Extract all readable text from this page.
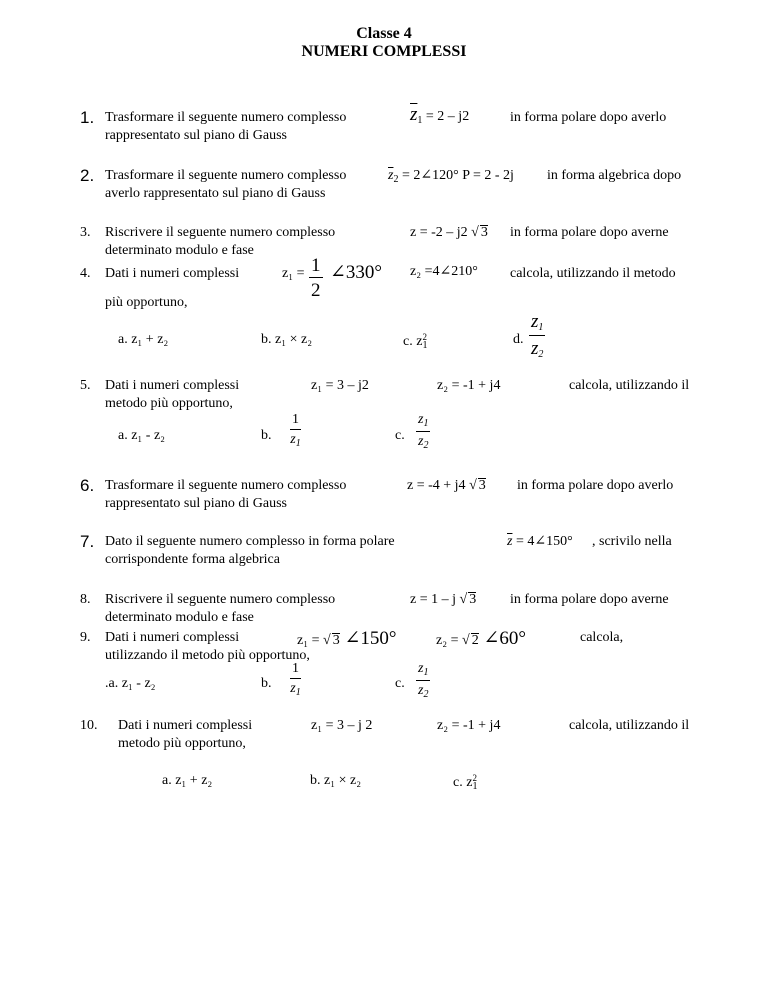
Classe 4
NUMERI COMPLESSI
1. Trasformare il seguente numero complesso
rappresentato sul piano di Gauss
$\overline{z}_1 = 2 - j2$	in forma polare dopo averlo
2. Trasformare il seguente numero complesso
averlo rappresentato sul piano di Gauss
$\overline{z}_2$ = 2∠120° P = 2 - 2j in forma algebrica dopo
3. Riscrivere il seguente numero complesso
determinato modulo e fase
z = -2 – j2 √ 3 in forma polare dopo averne
4. Dati i numeri complessi	$z_1 = \frac{1}{2}$ ∠330° z₂ =4∠210° calcola, utilizzando il metodo
più opportuno,
a. z₁ + z₂	b. z₁ × z₂	c. $z_1^2$	d. $\frac{z_1}{z_2}$
5. Dati i numeri complessi
metodo più opportuno,
z₁ = 3 – j2	z₂ = -1 + j4	calcola, utilizzando il
a. z₁ - z₂	b. $\frac{1}{z_1}$	c. $\frac{z_1}{z_2}$
6. Trasformare il seguente numero complesso
rappresentato sul piano di Gauss
z = -4 + j4 √ 3 in forma polare dopo averlo
7. Dato il seguente numero complesso in forma polare
corrispondente forma algebrica
$\overline{z}$ = 4∠150° , scrivilo nella
8. Riscrivere il seguente numero complesso
determinato modulo e fase
z = 1 – j √ 3 in forma polare dopo averne
9. Dati i numeri complessi	z₁ = √ 3 ∠150°	z₂ = √ 2 ∠60°	calcola,
utilizzando il metodo più opportuno,
.a. z₁ - z₂	b. $\frac{1}{z_1}$	c. $\frac{z_1}{z_2}$
10. Dati i numeri complessi
metodo più opportuno,
z₁ = 3 – j 2	z₂ = -1 + j4	calcola, utilizzando il
a. z₁ + z₂	b. z₁ × z₂	c. $z_1^2$
